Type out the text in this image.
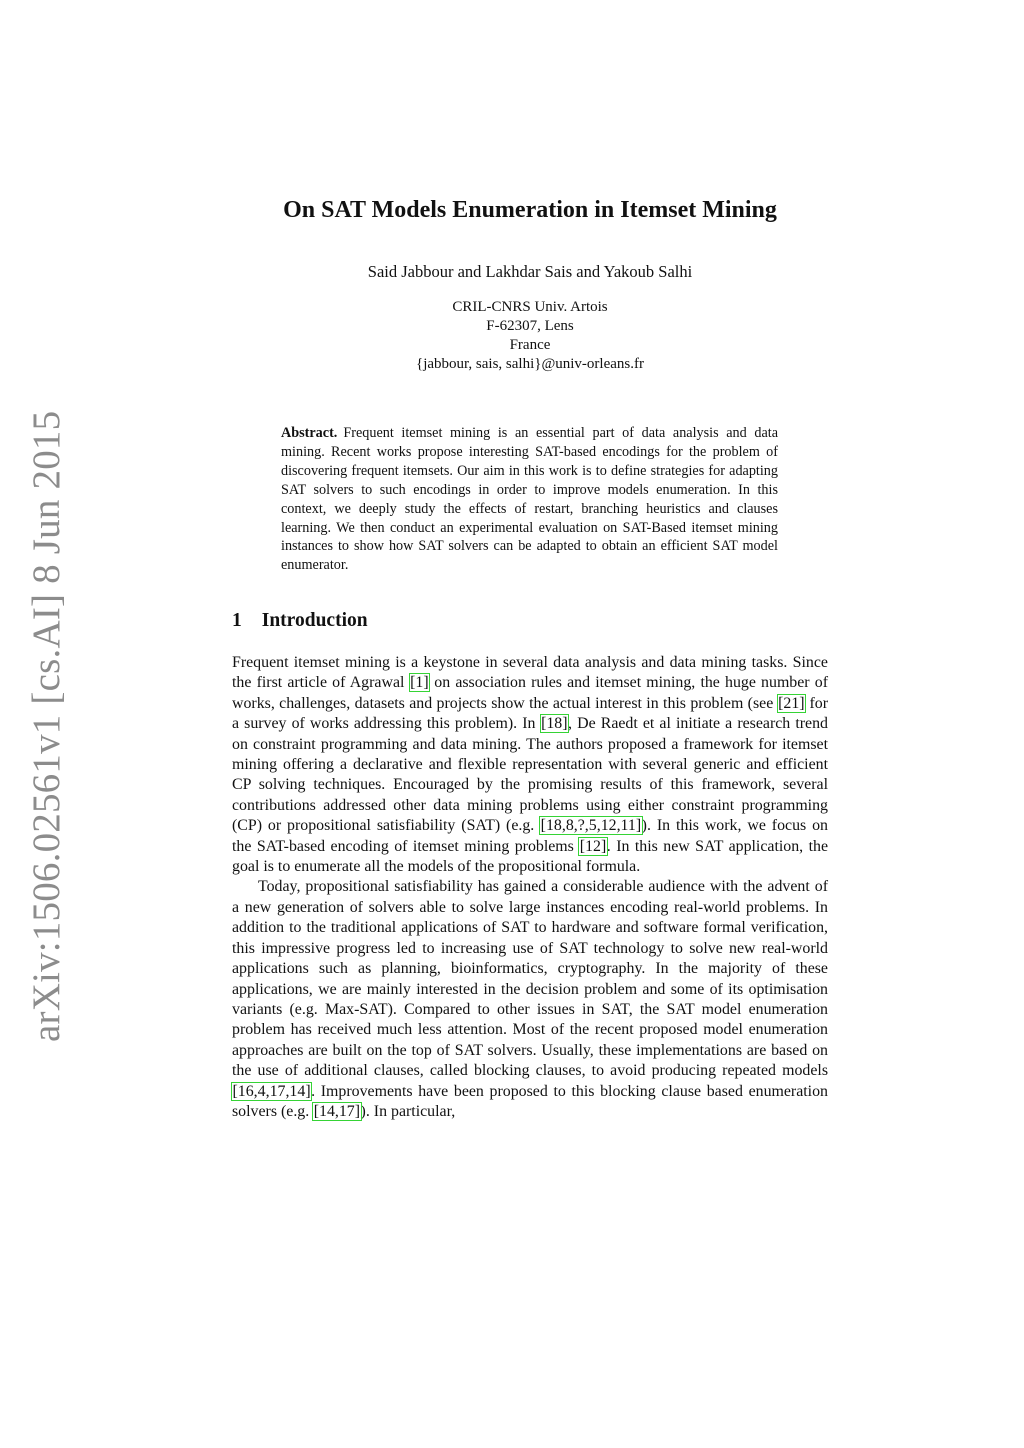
arXiv:1506.02561v1 [cs.AI] 8 Jun 2015
On SAT Models Enumeration in Itemset Mining
Said Jabbour and Lakhdar Sais and Yakoub Salhi
CRIL-CNRS Univ. Artois
F-62307, Lens
France
{jabbour, sais, salhi}@univ-orleans.fr
Abstract. Frequent itemset mining is an essential part of data analysis and data mining. Recent works propose interesting SAT-based encodings for the problem of discovering frequent itemsets. Our aim in this work is to define strategies for adapting SAT solvers to such encodings in order to improve models enumeration. In this context, we deeply study the effects of restart, branching heuristics and clauses learning. We then conduct an experimental evaluation on SAT-Based itemset mining instances to show how SAT solvers can be adapted to obtain an efficient SAT model enumerator.
1 Introduction

Frequent itemset mining is a keystone in several data analysis and data mining tasks. Since the first article of Agrawal [1] on association rules and itemset mining, the huge number of works, challenges, datasets and projects show the actual interest in this problem (see [21] for a survey of works addressing this problem). In [18], De Raedt et al initiate a research trend on constraint programming and data mining. The authors proposed a framework for itemset mining offering a declarative and flexible representation with several generic and efficient CP solving techniques. Encouraged by the promising results of this framework, several contributions addressed other data mining problems using either constraint programming (CP) or propositional satisfiability (SAT) (e.g. [18,8,?,5,12,11]). In this work, we focus on the SAT-based encoding of itemset mining problems [12]. In this new SAT application, the goal is to enumerate all the models of the propositional formula.

Today, propositional satisfiability has gained a considerable audience with the advent of a new generation of solvers able to solve large instances encoding real-world problems. In addition to the traditional applications of SAT to hardware and software formal verification, this impressive progress led to increasing use of SAT technology to solve new real-world applications such as planning, bioinformatics, cryptography. In the majority of these applications, we are mainly interested in the decision problem and some of its optimisation variants (e.g. Max-SAT). Compared to other issues in SAT, the SAT model enumeration problem has received much less attention. Most of the recent proposed model enumeration approaches are built on the top of SAT solvers. Usually, these implementations are based on the use of additional clauses, called blocking clauses, to avoid producing repeated models [16,4,17,14]. Improvements have been proposed to this blocking clause based enumeration solvers (e.g. [14,17]). In particular,
